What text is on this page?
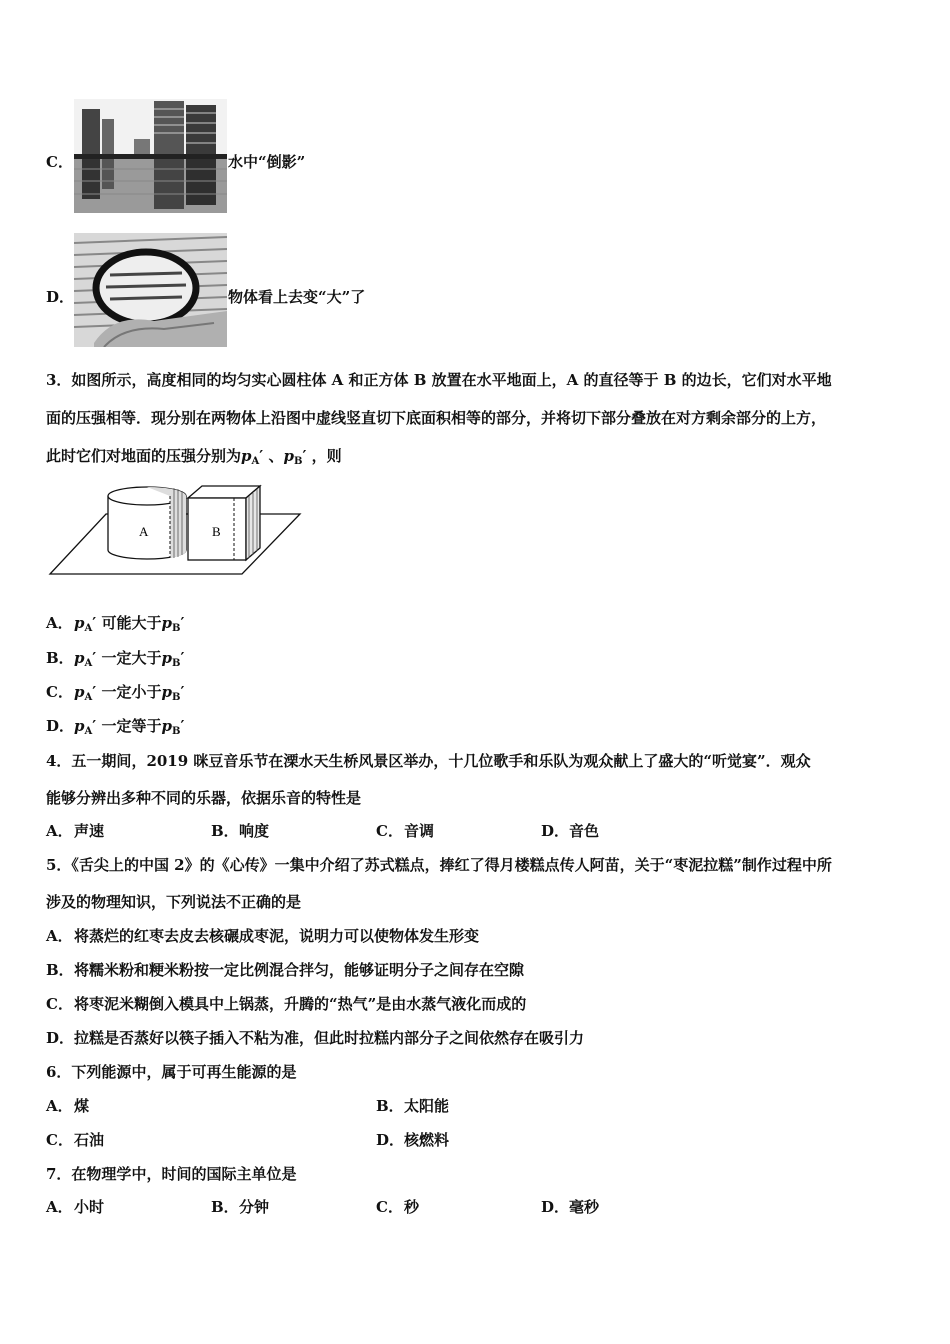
C．	水中“倒影”
D．	物体看上去变“大”了
3．如图所示，高度相同的均匀实心圆柱体 A 和正方体 B 放置在水平地面上，A 的直径等于 B 的边长，它们对水平地
面的压强相等．现分别在两物体上沿图中虚线竖直切下底面积相等的部分，并将切下部分叠放在对方剩余部分的上方，
此时它们对地面的压强分别为$p_A'$ 、$p_B'$ ，则
A	B
A．$p_A'$ 可能大于$p_B'$
B．$p_A'$ 一定大于$p_B'$
C．$p_A'$ 一定小于$p_B'$
D．$p_A'$ 一定等于$p_B'$
4．五一期间，2019 咪豆音乐节在溧水天生桥风景区举办，十几位歌手和乐队为观众献上了盛大的“听觉宴”．观众
能够分辨出多种不同的乐器，依据乐音的特性是
A．声速	B．响度	C．音调	D．音色
5．《舌尖上的中国 2》的《心传》一集中介绍了苏式糕点，捧红了得月楼糕点传人阿苗，关于“枣泥拉糕”制作过程中所
涉及的物理知识，下列说法不正确的是
A．将蒸烂的红枣去皮去核碾成枣泥，说明力可以使物体发生形变
B．将糯米粉和粳米粉按一定比例混合拌匀，能够证明分子之间存在空隙
C．将枣泥米糊倒入模具中上锅蒸，升腾的“热气”是由水蒸气液化而成的
D．拉糕是否蒸好以筷子插入不粘为准，但此时拉糕内部分子之间依然存在吸引力
6．下列能源中，属于可再生能源的是
A．煤	B．太阳能
C．石油	D．核燃料
7．在物理学中，时间的国际主单位是
A．小时	B．分钟	C．秒	D．毫秒
